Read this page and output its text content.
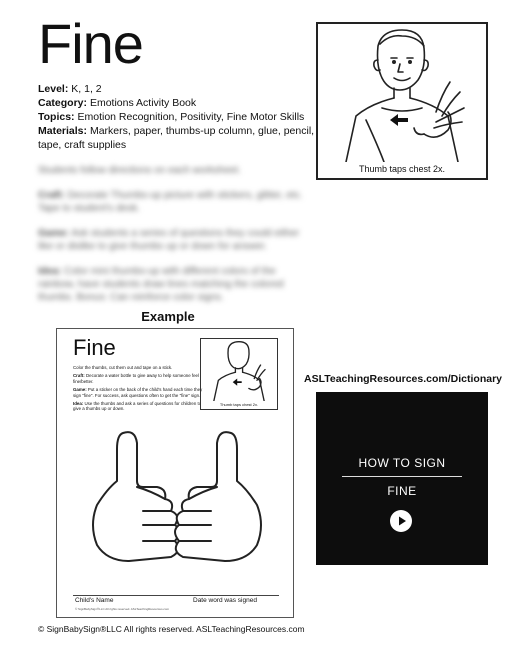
Fine
Level: K, 1, 2
Category: Emotions Activity Book
Topics: Emotion Recognition, Positivity, Fine Motor Skills
Materials: Markers, paper, thumbs-up column, glue, pencil, tape, craft supplies

Students follow directions on each worksheet.

Craft: Decorate Thumbs-up picture with stickers, glitter, etc. Tape to student's desk.

Game: Ask students a series of questions they could either like or dislike to give thumbs up or down for answer.

Idea: Color mini thumbs-up with different colors of the rainbow, have students draw lines matching the colored thumbs. Bonus: Can reinforce color signs.

Thumb taps chest 2x.
Example
Fine

Color the thumbs, cut them out and tape on a stick.

Craft: Decorate a water bottle to give away to help someone feel fine/better.

Game: Put a sticker on the back of the child's hand each time they sign "fine". For success, ask questions often to get the "fine" sign.

Idea: Use the thumbs and ask a series of questions for children to give a thumbs up or down.

Thumb taps chest 2x.
Child's Name	Date word was signed
© SignBabySign®LLC All rights reserved. ASLTeachingResources.com
ASLTeachingResources.com/Dictionary
HOW TO SIGN
FINE
© SignBabySign®LLC All rights reserved. ASLTeachingResources.com
